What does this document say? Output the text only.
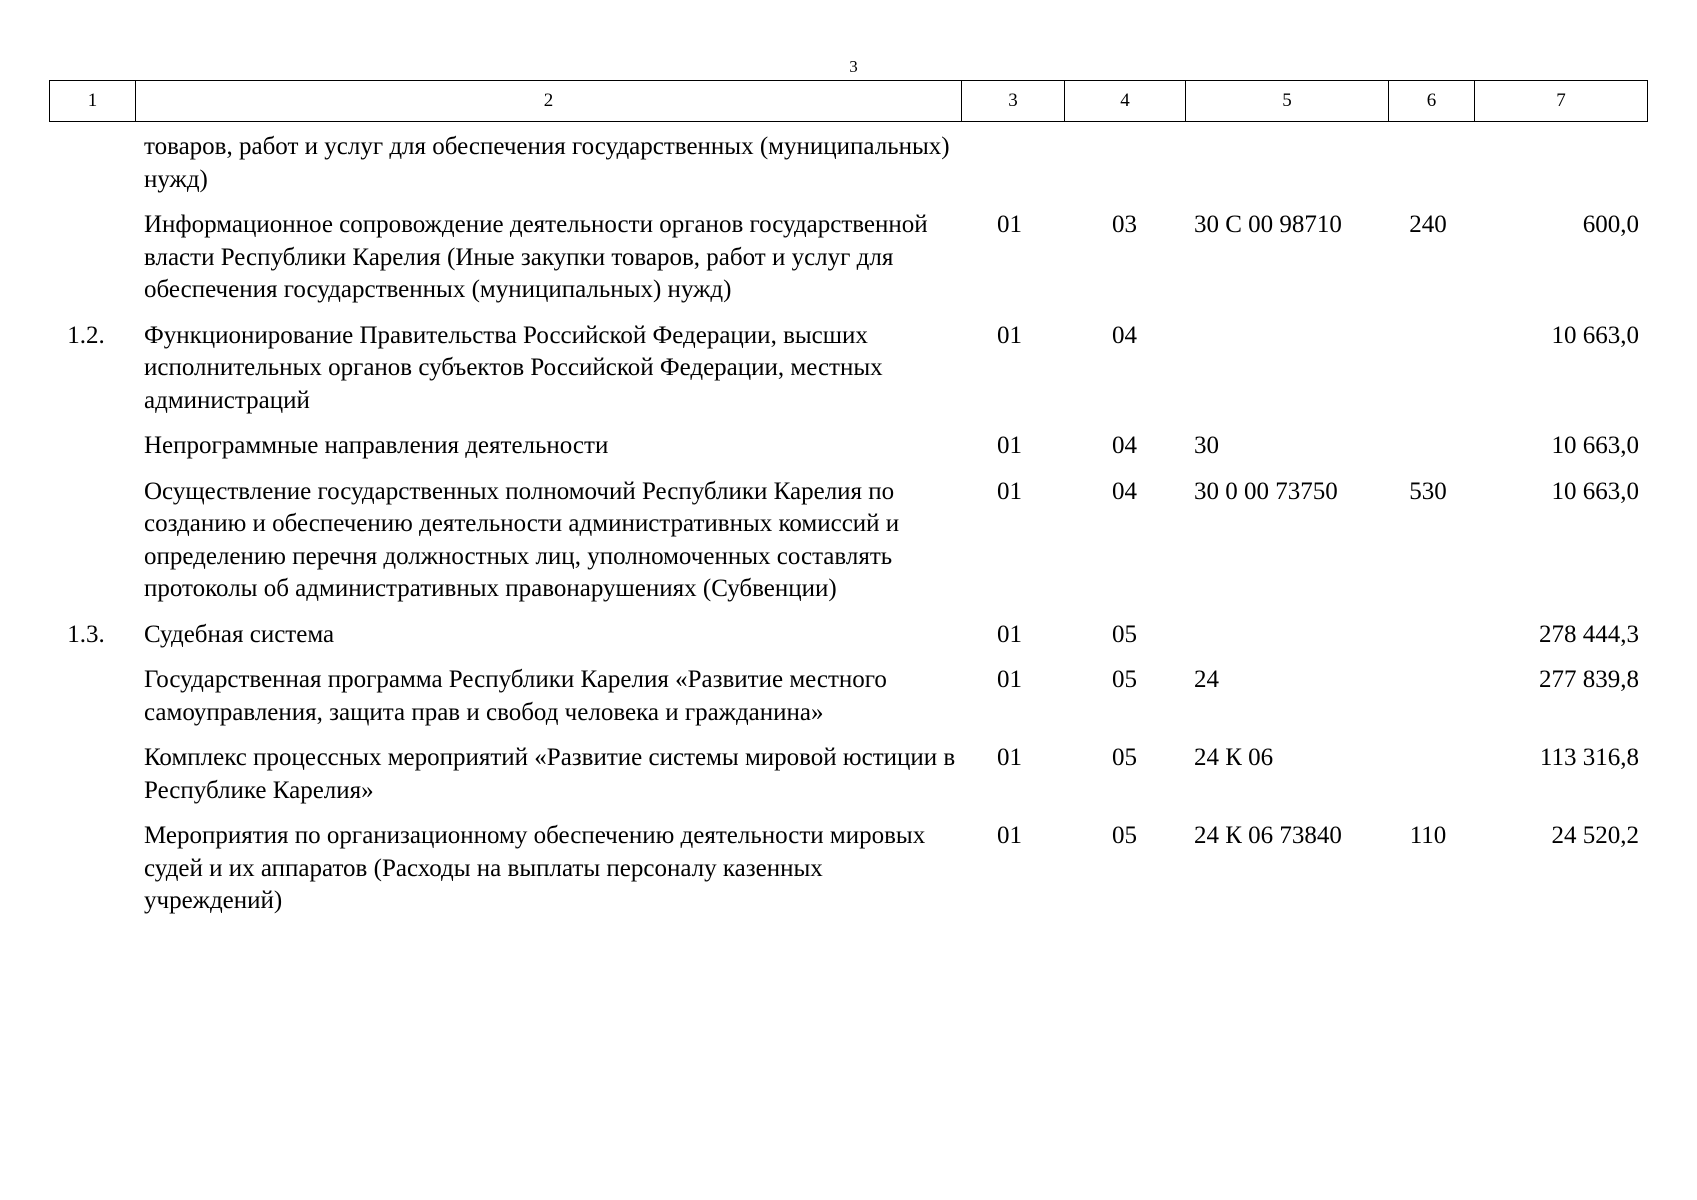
3
1	2	3	4	5	6	7
	товаров, работ и услуг для обеспечения государственных (муниципальных) нужд)					
	Информационное сопровождение деятельности органов государственной власти Республики Карелия (Иные закупки товаров, работ и услуг для обеспечения государственных (муниципальных) нужд)	01	03	30 С 00 98710	240	600,0
1.2.	Функционирование Правительства Российской Федерации, высших исполнительных органов субъектов Российской Федерации, местных администраций	01	04			10 663,0
	Непрограммные направления деятельности	01	04	30		10 663,0
	Осуществление государственных полномочий Республики Карелия по созданию и обеспечению деятельности административных комиссий и определению перечня должностных лиц, уполномоченных составлять протоколы об административных правонарушениях (Субвенции)	01	04	30 0 00 73750	530	10 663,0
1.3.	Судебная система	01	05			278 444,3
	Государственная программа Республики Карелия «Развитие местного самоуправления, защита прав и свобод человека и гражданина»	01	05	24		277 839,8
	Комплекс процессных мероприятий «Развитие системы мировой юстиции в Республике Карелия»	01	05	24 К 06		113 316,8
	Мероприятия по организационному обеспечению деятельности мировых судей и их аппаратов (Расходы на выплаты персоналу казенных учреждений)	01	05	24 К 06 73840	110	24 520,2
